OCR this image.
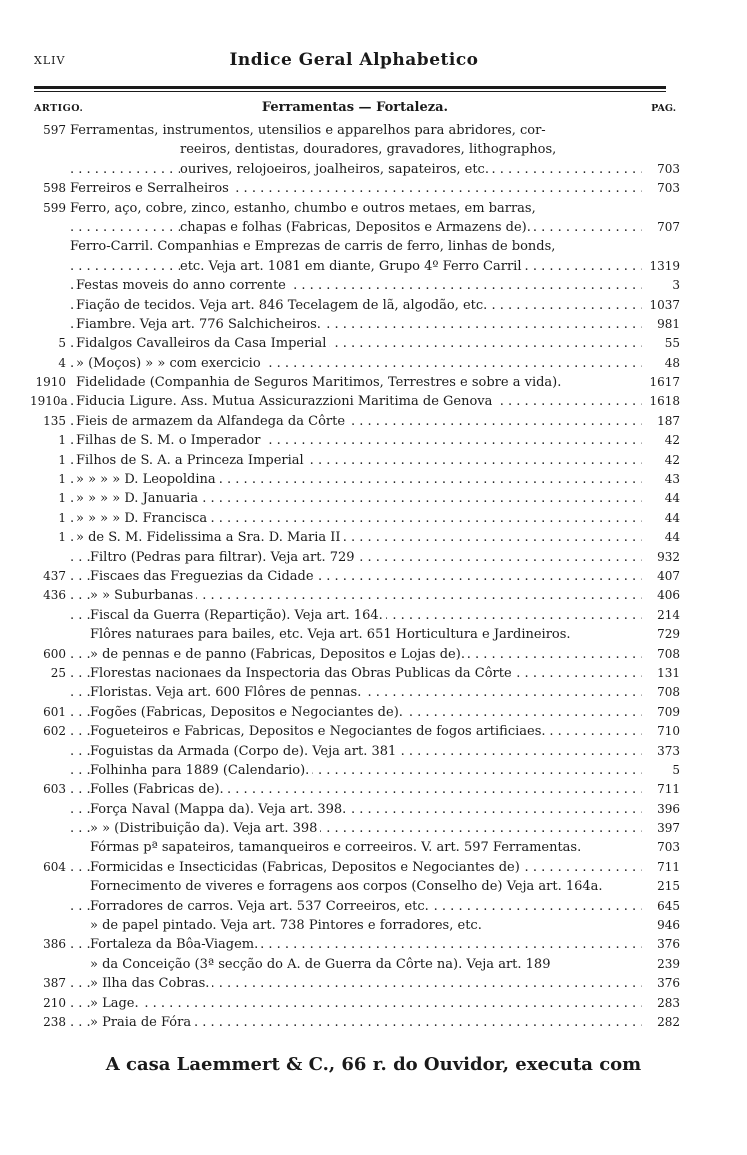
XLIV	Indice Geral Alphabetico
ARTIGO.	Ferramentas — Fortaleza.	PAG.
597 Ferramentas, instrumentos, utensilios e apparelhos para abridores, cor-
reeiros, dentistas, douradores, gravadores, lithographos,
ourives, relojoeiros, joalheiros, sapateiros, etc. . . .	703
598 Ferreiros e Serralheiros . . .	703
599 Ferro, aço, cobre, zinco, estanho, chumbo e outros metaes, em barras,
chapas e folhas (Fabricas, Depositos e Armazens de). . . .	707
Ferro-Carril. Companhias e Emprezas de carris de ferro, linhas de bonds,
etc. Veja art. 1081 em diante, Grupo 4º Ferro Carril . . .	1319
Festas moveis do anno corrente . . .	3
Fiação de tecidos. Veja art. 846 Tecelagem de lã, algodão, etc. . . .	1037
Fiambre. Veja art. 776 Salchicheiros. . . .	981
5 Fidalgos Cavalleiros da Casa Imperial . . .	55
4 » (Moços) » » com exercicio . . .	48
1910 Fidelidade (Companhia de Seguros Maritimos, Terrestres e sobre a vida).	1617
1910a Fiducia Ligure. Ass. Mutua Assicurazzioni Maritima de Genova . . .	1618
135 Fieis de armazem da Alfandega da Côrte . . .	187
1 Filhas de S. M. o Imperador . . .	42
1 Filhos de S. A. a Princeza Imperial . . .	42
1 » » » » D. Leopoldina . . .	43
1 » » » » D. Januaria . . .	44
1 » » » » D. Francisca . . .	44
1 » de S. M. Fidelissima a Sra. D. Maria II . . .	44
Filtro (Pedras para filtrar). Veja art. 729 . . .	932
437	Fiscaes das Freguezias da Cidade . . .	407
436	» » Suburbanas . . .	406
Fiscal da Guerra (Repartição). Veja art. 164. . . .	214
Flôres naturaes para bailes, etc. Veja art. 651 Horticultura e Jardineiros.	729
600	» de pennas e de panno (Fabricas, Depositos e Lojas de). . . .	708
25	Florestas nacionaes da Inspectoria das Obras Publicas da Côrte . . .	131
Floristas. Veja art. 600 Flôres de pennas. . . .	708
601	Fogões (Fabricas, Depositos e Negociantes de). . . .	709
602	Fogueteiros e Fabricas, Depositos e Negociantes de fogos artificiaes. . . .	710
Foguistas da Armada (Corpo de). Veja art. 381 . . .	373
Folhinha para 1889 (Calendario). . . .	5
603	Folles (Fabricas de). . . .	711
Força Naval (Mappa da). Veja art. 398. . . .	396
» » (Distribuição da). Veja art. 398 . . .	397
Fórmas pª sapateiros, tamanqueiros e correeiros. V. art. 597 Ferramentas.	703
604	Formicidas e Insecticidas (Fabricas, Depositos e Negociantes de) . . .	711
Fornecimento de viveres e forragens aos corpos (Conselho de) Veja art. 164a.	215
Forradores de carros. Veja art. 537 Correeiros, etc. . . .	645
» de papel pintado. Veja art. 738 Pintores e forradores, etc.	946
386	Fortaleza da Bôa-Viagem. . . .	376
» da Conceição (3ª secção do A. de Guerra da Côrte na). Veja art. 189	239
387	» Ilha das Cobras. . . .	376
210	» Lage. . . .	283
238	» Praia de Fóra . . .	282
A casa Laemmert & C., 66 r. do Ouvidor, executa com
